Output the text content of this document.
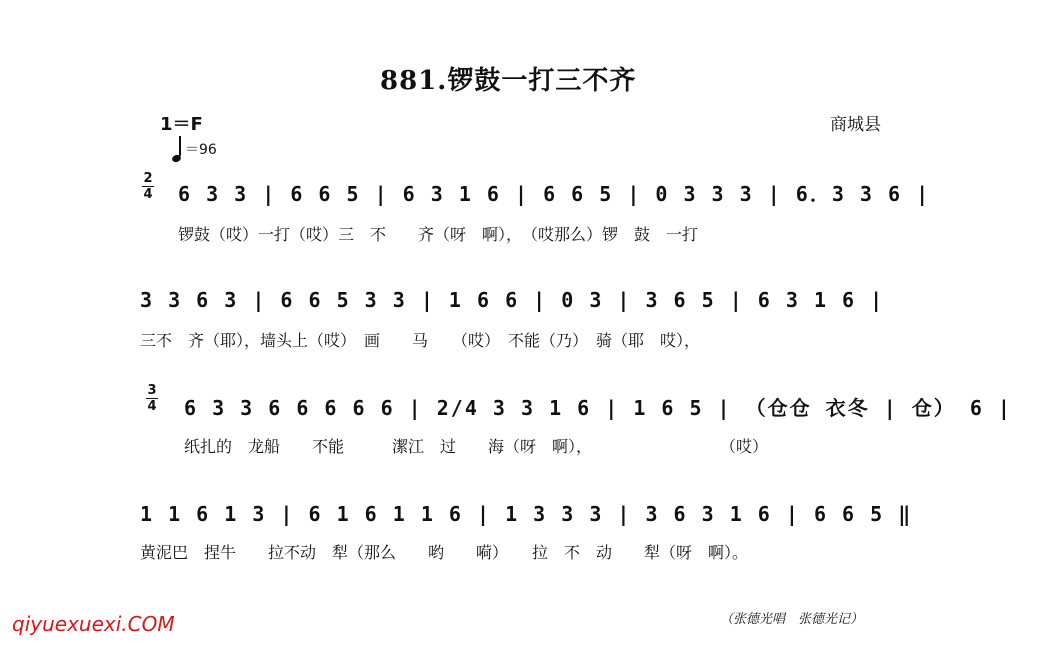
881.锣鼓一打三不齐
1＝F
＝96
商城县
2
4 6 3 3 | 6 6 5 | 6 3 1 6 | 6 6 5 | 0 3 3 3 | 6．3 3 6 |
锣鼓（哎）一打（哎）三　不　　齐（呀　啊），　（哎那么）锣　鼓　一打
3 3 6 3 | 6 6 5 3 3 | 1 6 6 | 0 3 | 3 6 5 | 6 3 1 6 |
三不　齐（耶），墙头上（哎）　画　　马　　（哎）　不能（乃）　骑（耶　哎），
3
4 6 3 3 6 6 6 6 6 | 2/4 3 3 1 6 | 1 6 5 | （仓仓 衣冬 | 仓） 6 |
纸扎的　龙船　　不能　　　潔江　过　　海（呀　啊），　　　　　　　　　（哎）
1 1 6 1 3 | 6 1 6 1 1 6 | 1 3 3 3 | 3 6 3 1 6 | 6 6 5 ‖
黄泥巴　捏牛　　拉不动　犁（那么　　哟　　嗬）　　拉　不　动　　犁（呀　啊）。
（张德光唱　张德光记）
qiyuexuexi.COM
